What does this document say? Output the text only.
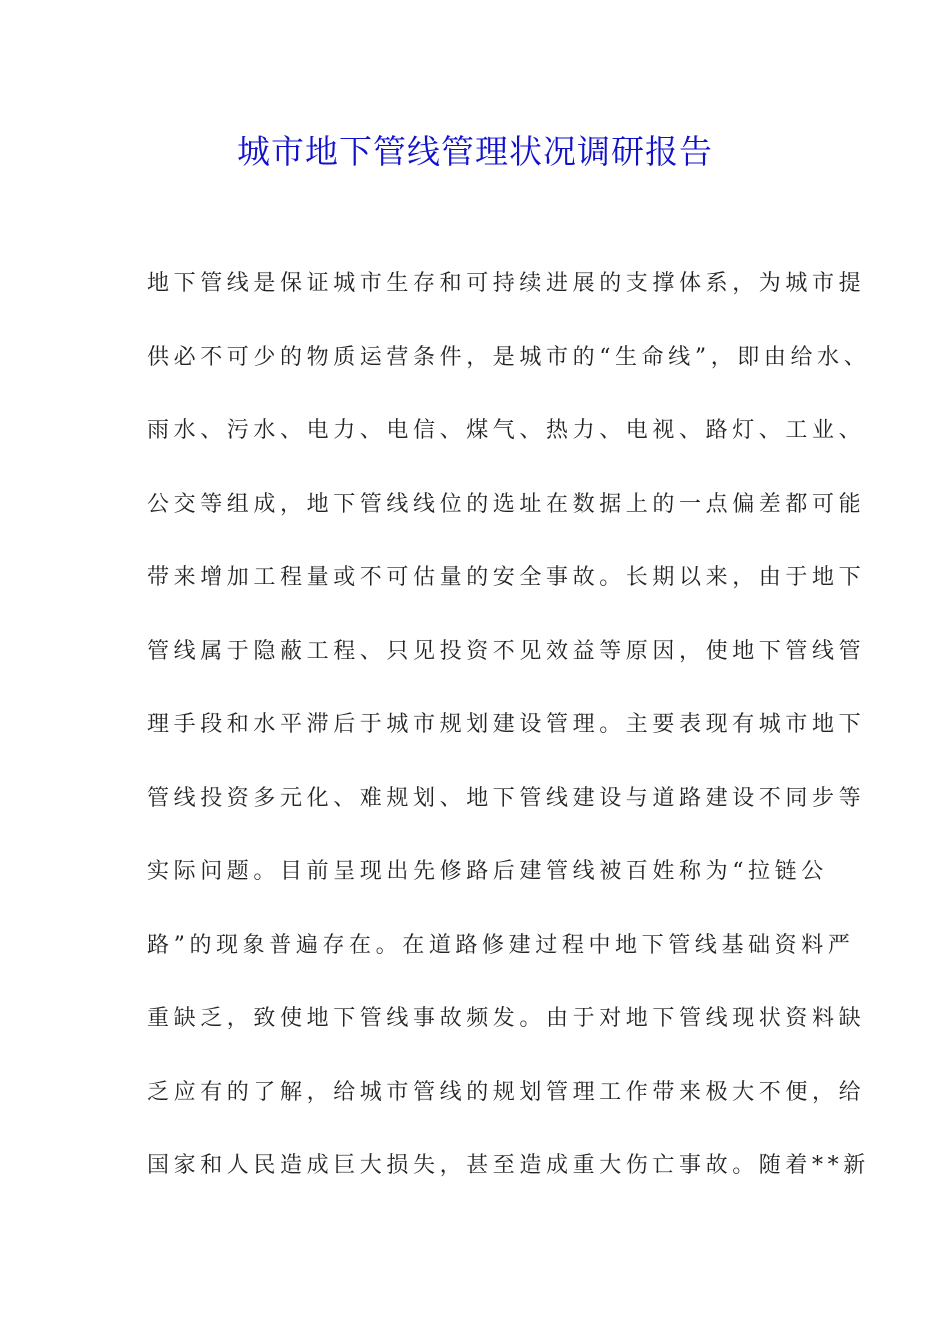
城市地下管线管理状况调研报告
地下管线是保证城市生存和可持续进展的支撑体系，为城市提
供必不可少的物质运营条件，是城市的“生命线”，即由给水、
雨水、污水、电力、电信、煤气、热力、电视、路灯、工业、
公交等组成，地下管线线位的选址在数据上的一点偏差都可能
带来增加工程量或不可估量的安全事故。长期以来，由于地下
管线属于隐蔽工程、只见投资不见效益等原因，使地下管线管
理手段和水平滞后于城市规划建设管理。主要表现有城市地下
管线投资多元化、难规划、地下管线建设与道路建设不同步等
实际问题。目前呈现出先修路后建管线被百姓称为“拉链公
路”的现象普遍存在。在道路修建过程中地下管线基础资料严
重缺乏，致使地下管线事故频发。由于对地下管线现状资料缺
乏应有的了解，给城市管线的规划管理工作带来极大不便，给
国家和人民造成巨大损失，甚至造成重大伤亡事故。随着**新
